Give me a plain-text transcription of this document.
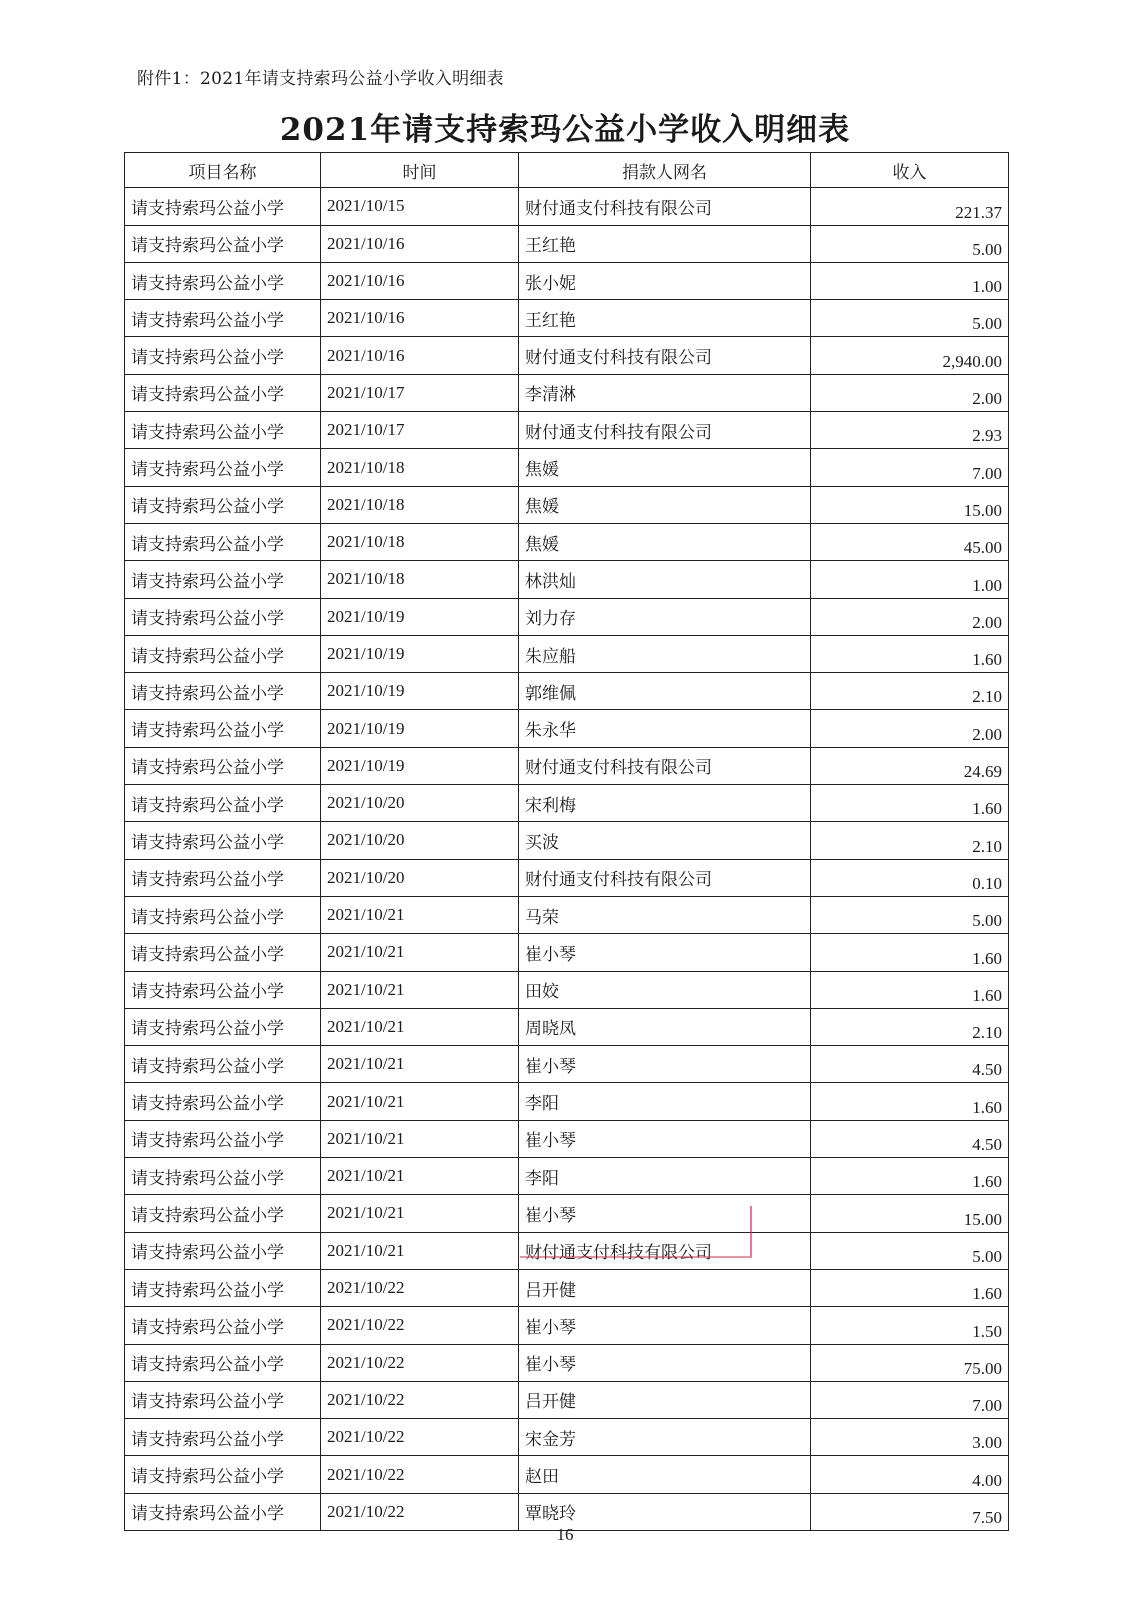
附件1：2021年请支持索玛公益小学收入明细表
2021年请支持索玛公益小学收入明细表
项目名称	时间	捐款人网名	收入
请支持索玛公益小学	2021/10/15	财付通支付科技有限公司	221.37
请支持索玛公益小学	2021/10/16	王红艳	5.00
请支持索玛公益小学	2021/10/16	张小妮	1.00
请支持索玛公益小学	2021/10/16	王红艳	5.00
请支持索玛公益小学	2021/10/16	财付通支付科技有限公司	2,940.00
请支持索玛公益小学	2021/10/17	李清淋	2.00
请支持索玛公益小学	2021/10/17	财付通支付科技有限公司	2.93
请支持索玛公益小学	2021/10/18	焦媛	7.00
请支持索玛公益小学	2021/10/18	焦媛	15.00
请支持索玛公益小学	2021/10/18	焦媛	45.00
请支持索玛公益小学	2021/10/18	林洪灿	1.00
请支持索玛公益小学	2021/10/19	刘力存	2.00
请支持索玛公益小学	2021/10/19	朱应船	1.60
请支持索玛公益小学	2021/10/19	郭维佩	2.10
请支持索玛公益小学	2021/10/19	朱永华	2.00
请支持索玛公益小学	2021/10/19	财付通支付科技有限公司	24.69
请支持索玛公益小学	2021/10/20	宋利梅	1.60
请支持索玛公益小学	2021/10/20	买波	2.10
请支持索玛公益小学	2021/10/20	财付通支付科技有限公司	0.10
请支持索玛公益小学	2021/10/21	马荣	5.00
请支持索玛公益小学	2021/10/21	崔小琴	1.60
请支持索玛公益小学	2021/10/21	田姣	1.60
请支持索玛公益小学	2021/10/21	周晓凤	2.10
请支持索玛公益小学	2021/10/21	崔小琴	4.50
请支持索玛公益小学	2021/10/21	李阳	1.60
请支持索玛公益小学	2021/10/21	崔小琴	4.50
请支持索玛公益小学	2021/10/21	李阳	1.60
请支持索玛公益小学	2021/10/21	崔小琴	15.00
请支持索玛公益小学	2021/10/21	财付通支付科技有限公司	5.00
请支持索玛公益小学	2021/10/22	吕开健	1.60
请支持索玛公益小学	2021/10/22	崔小琴	1.50
请支持索玛公益小学	2021/10/22	崔小琴	75.00
请支持索玛公益小学	2021/10/22	吕开健	7.00
请支持索玛公益小学	2021/10/22	宋金芳	3.00
请支持索玛公益小学	2021/10/22	赵田	4.00
请支持索玛公益小学	2021/10/22	覃晓玲	7.50
16
